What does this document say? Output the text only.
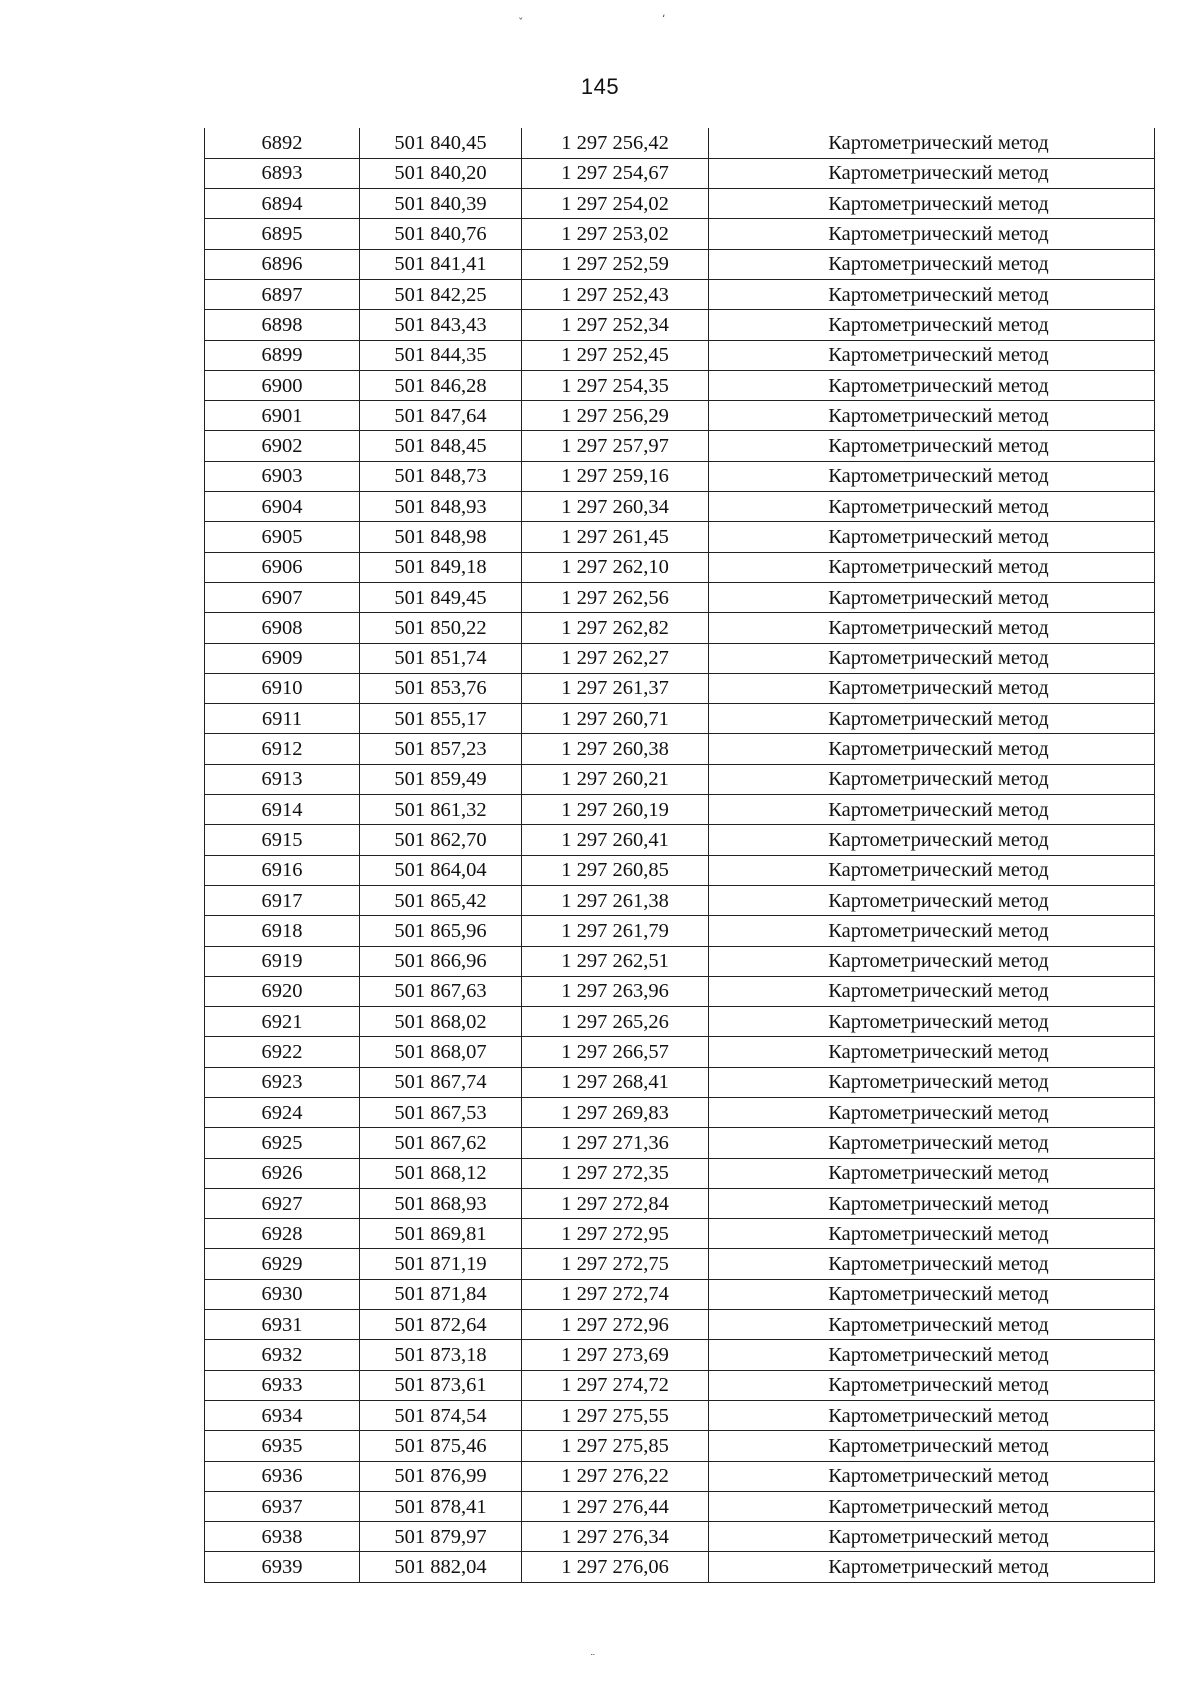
ˇ	ʻ
¨
145
6892	501 840,45	1 297 256,42	Картометрический метод
6893	501 840,20	1 297 254,67	Картометрический метод
6894	501 840,39	1 297 254,02	Картометрический метод
6895	501 840,76	1 297 253,02	Картометрический метод
6896	501 841,41	1 297 252,59	Картометрический метод
6897	501 842,25	1 297 252,43	Картометрический метод
6898	501 843,43	1 297 252,34	Картометрический метод
6899	501 844,35	1 297 252,45	Картометрический метод
6900	501 846,28	1 297 254,35	Картометрический метод
6901	501 847,64	1 297 256,29	Картометрический метод
6902	501 848,45	1 297 257,97	Картометрический метод
6903	501 848,73	1 297 259,16	Картометрический метод
6904	501 848,93	1 297 260,34	Картометрический метод
6905	501 848,98	1 297 261,45	Картометрический метод
6906	501 849,18	1 297 262,10	Картометрический метод
6907	501 849,45	1 297 262,56	Картометрический метод
6908	501 850,22	1 297 262,82	Картометрический метод
6909	501 851,74	1 297 262,27	Картометрический метод
6910	501 853,76	1 297 261,37	Картометрический метод
6911	501 855,17	1 297 260,71	Картометрический метод
6912	501 857,23	1 297 260,38	Картометрический метод
6913	501 859,49	1 297 260,21	Картометрический метод
6914	501 861,32	1 297 260,19	Картометрический метод
6915	501 862,70	1 297 260,41	Картометрический метод
6916	501 864,04	1 297 260,85	Картометрический метод
6917	501 865,42	1 297 261,38	Картометрический метод
6918	501 865,96	1 297 261,79	Картометрический метод
6919	501 866,96	1 297 262,51	Картометрический метод
6920	501 867,63	1 297 263,96	Картометрический метод
6921	501 868,02	1 297 265,26	Картометрический метод
6922	501 868,07	1 297 266,57	Картометрический метод
6923	501 867,74	1 297 268,41	Картометрический метод
6924	501 867,53	1 297 269,83	Картометрический метод
6925	501 867,62	1 297 271,36	Картометрический метод
6926	501 868,12	1 297 272,35	Картометрический метод
6927	501 868,93	1 297 272,84	Картометрический метод
6928	501 869,81	1 297 272,95	Картометрический метод
6929	501 871,19	1 297 272,75	Картометрический метод
6930	501 871,84	1 297 272,74	Картометрический метод
6931	501 872,64	1 297 272,96	Картометрический метод
6932	501 873,18	1 297 273,69	Картометрический метод
6933	501 873,61	1 297 274,72	Картометрический метод
6934	501 874,54	1 297 275,55	Картометрический метод
6935	501 875,46	1 297 275,85	Картометрический метод
6936	501 876,99	1 297 276,22	Картометрический метод
6937	501 878,41	1 297 276,44	Картометрический метод
6938	501 879,97	1 297 276,34	Картометрический метод
6939	501 882,04	1 297 276,06	Картометрический метод
